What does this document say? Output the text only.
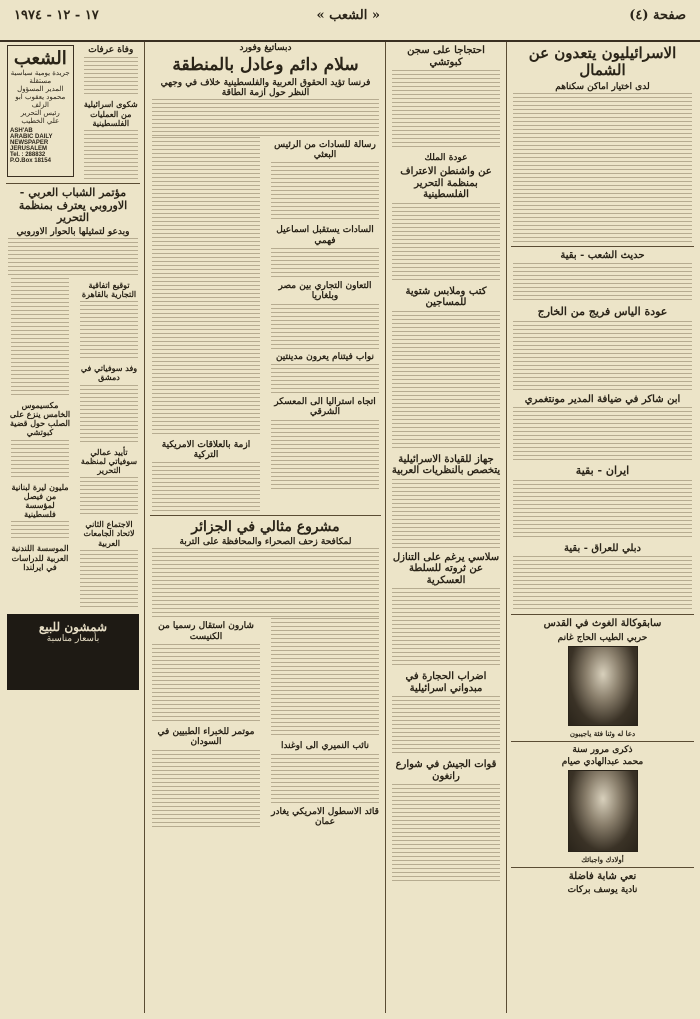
صفحة (٤)
« الشعب »
١٧ - ١٢ - ١٩٧٤
الاسرائيليون يتعدون عن الشمال
لدى اختيار اماكن سكناهم
حديث الشعب - بقية
عودة الياس فريج من الخارج
ابن شاكر في ضيافة المدير مونتغمري
ايران - بقية
دبلي للعراق - بقية
سابقوكالة الغوث في القدس
حربي الطيب الحاج غانم
دعا له وثنا فئة ياجيبون
ذكرى مرور سنة
محمد عبدالهادي صيام
أولادك واجبائك
نعي شابة فاضلة
نادية يوسف بركات
احتجاجا على سجن كبوتشي
عودة الملك
عن واشنطن الاعتراف بمنظمة التحرير الفلسطينية
كتب وملابس شتوية للمساجين
جهاز للقيادة الاسرائيلية يتخصص بالنظريات العربية
سلاسي يرغم على التنازل عن ثروته للسلطة العسكرية
اضراب الحجارة في مبدواني اسرائيلية
قوات الجيش في شوارع رانغون
دبساتيغ وفورد
سلام دائم وعادل بالمنطقة
فرنسا تؤيد الحقوق العربية والفلسطينية خلاف في وجهي النظر حول ازمة الطاقة
رسالة للسادات من الرئيس البعثي
السادات يستقبل اسماعيل فهمي
التعاون التجاري بين مصر وبلغاريا
نواب فيتنام يعرون مدينتين
اتجاه استراليا الى المعسكر الشرقي
ازمة بالعلاقات الامريكية التركية
مشروع مثالي في الجزائر
لمكافحة زحف الصحراء والمحافظة على التربة
نائب النميري الى اوغندا
قائد الاسطول الامريكي يغادر عمان
شارون استقال رسميا من الكنيست
موتمر للخبراء الطبيين في السودان
وفاة عرفات
شكوى اسرائيلية من العمليات الفلسطينية
الشعب
جريدة يومية سياسية مستقلة
المدير المسؤول
محمود يعقوب ابو الزلف
رئيس التحرير
علي الخطيب
ASH'AB
ARABIC DAILY NEWSPAPER
JERUSALEM
Tel. : 288832
P.O.Box 18154
مؤتمر الشباب العربي - الاوروبي يعترف بمنظمة التحرير
وبدعو لتمثيلها بالحوار الاوروبي
توقيع اتفاقية التجارية بالقاهرة
وفد سوفياتي في دمشق
تأييد عمالي سوفياتي لمنظمة التحرير
الاجتماع الثاني لاتحاد الجامعات العربية
مكسيموس الخامس ينزع على الصلب حول قضية كبوتشي
مليون ليرة لبنانية من فيصل لمؤسسة فلسطينية
الموسسة اللندنية العربية للدراسات في ايرلندا
شمشون للبيع
بأسعار مناسبة
